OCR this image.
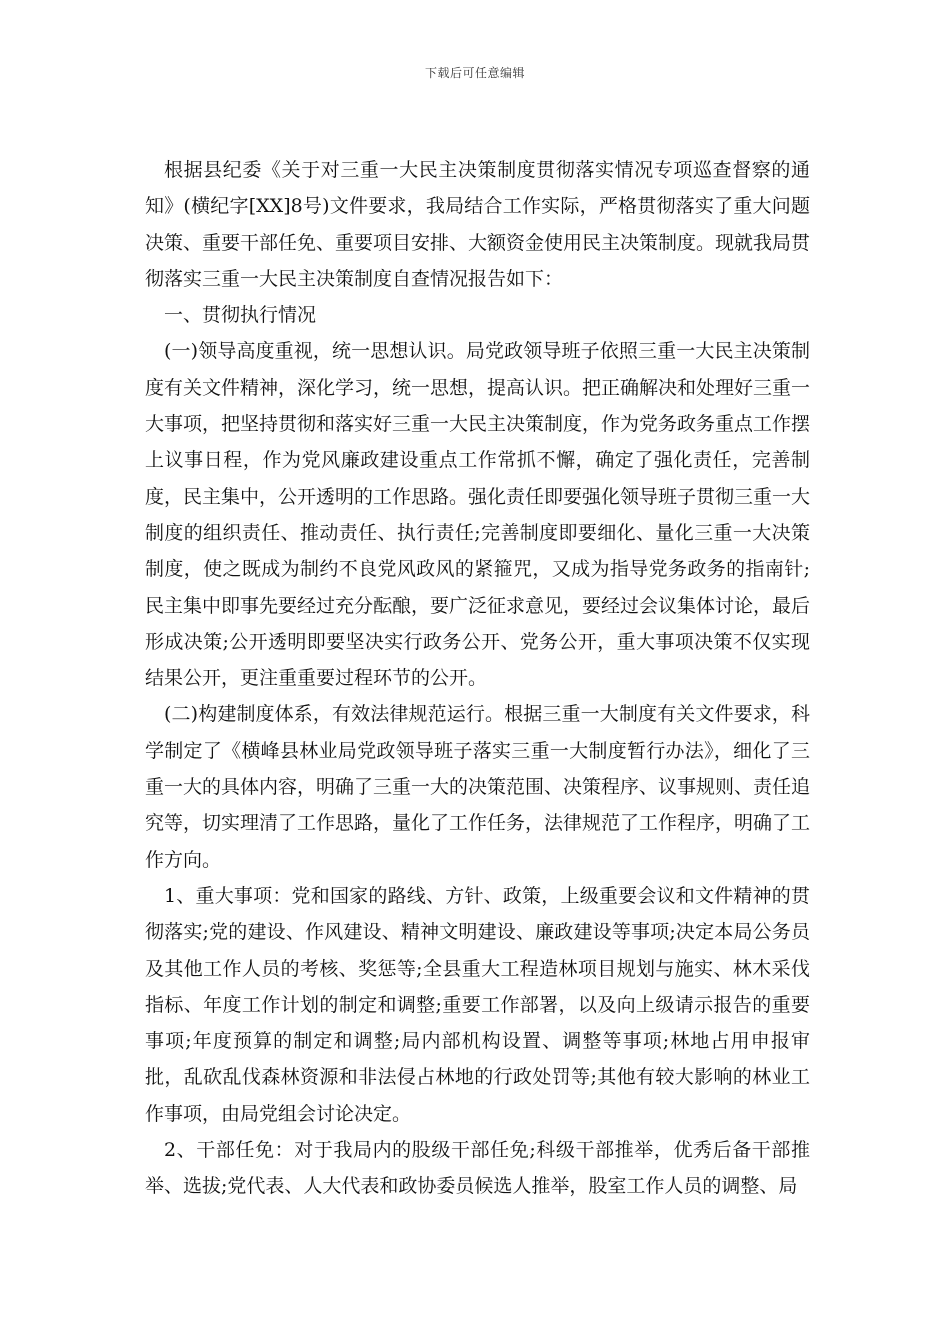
下载后可任意编辑

根据县纪委《关于对三重一大民主决策制度贯彻落实情况专项巡查督察的通知》(横纪字[XX]8号)文件要求，我局结合工作实际，严格贯彻落实了重大问题决策、重要干部任免、重要项目安排、大额资金使用民主决策制度。现就我局贯彻落实三重一大民主决策制度自查情况报告如下：

一、贯彻执行情况

(一)领导高度重视，统一思想认识。局党政领导班子依照三重一大民主决策制度有关文件精神，深化学习，统一思想，提高认识。把正确解决和处理好三重一大事项，把坚持贯彻和落实好三重一大民主决策制度，作为党务政务重点工作摆上议事日程，作为党风廉政建设重点工作常抓不懈，确定了强化责任，完善制度，民主集中，公开透明的工作思路。强化责任即要强化领导班子贯彻三重一大制度的组织责任、推动责任、执行责任;完善制度即要细化、量化三重一大决策制度，使之既成为制约不良党风政风的紧箍咒，又成为指导党务政务的指南针;民主集中即事先要经过充分酝酿，要广泛征求意见，要经过会议集体讨论，最后形成决策;公开透明即要坚决实行政务公开、党务公开，重大事项决策不仅实现结果公开，更注重重要过程环节的公开。

(二)构建制度体系，有效法律规范运行。根据三重一大制度有关文件要求，科学制定了《横峰县林业局党政领导班子落实三重一大制度暂行办法》，细化了三重一大的具体内容，明确了三重一大的决策范围、决策程序、议事规则、责任追究等，切实理清了工作思路，量化了工作任务，法律规范了工作程序，明确了工作方向。

1、重大事项：党和国家的路线、方针、政策，上级重要会议和文件精神的贯彻落实;党的建设、作风建设、精神文明建设、廉政建设等事项;决定本局公务员及其他工作人员的考核、奖惩等;全县重大工程造林项目规划与施实、林木采伐指标、年度工作计划的制定和调整;重要工作部署，以及向上级请示报告的重要事项;年度预算的制定和调整;局内部机构设置、调整等事项;林地占用申报审批，乱砍乱伐森林资源和非法侵占林地的行政处罚等;其他有较大影响的林业工作事项，由局党组会讨论决定。

2、干部任免：对于我局内的股级干部任免;科级干部推举，优秀后备干部推举、选拔;党代表、人大代表和政协委员候选人推举，股室工作人员的调整、局
